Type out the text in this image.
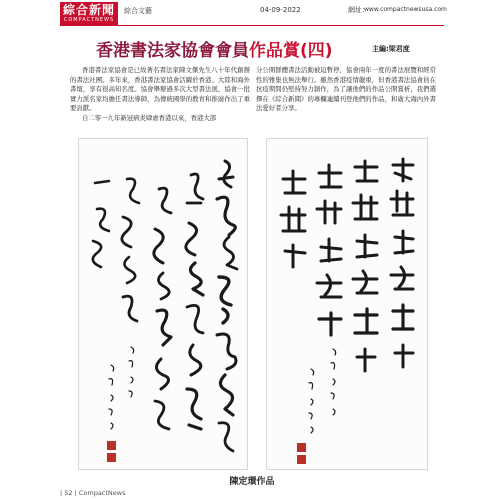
綜合新聞
COMPACTNEWS
綜合文藝	04-09-2022	網址：
www.compactnewsusa.com
香港書法家協會會員作品賞(四)	主編:梁君度

香港書法家協會是已故著名書法家陳文傑先生八十年代創辦的書法社團。多年來，香港書法家協會活躍於香港、大陸和海外書壇，享有很高知名度。協會舉辦過多次大型書法展，協會一批實力派名家均擔任書法導師，為傳統國學的教育和推廣作出了重要貢獻。

自二零一九年新冠病炎肆虐香港以來，香港大部

分公開群體書法活動被迫暫停，協會兩年一度的書法展覽和經常性的雅集也無法舉行。雖然香港疫情嚴重，但香港書法協會員在抗疫期間仍堅持努力創作，為了讓他們的作品公開賞析，我們選擇在《綜合新聞》的專欄連續刊登他們的作品，和廣大海內外書法愛好者分享。

陳定環作品
| 52 | CompactNews
